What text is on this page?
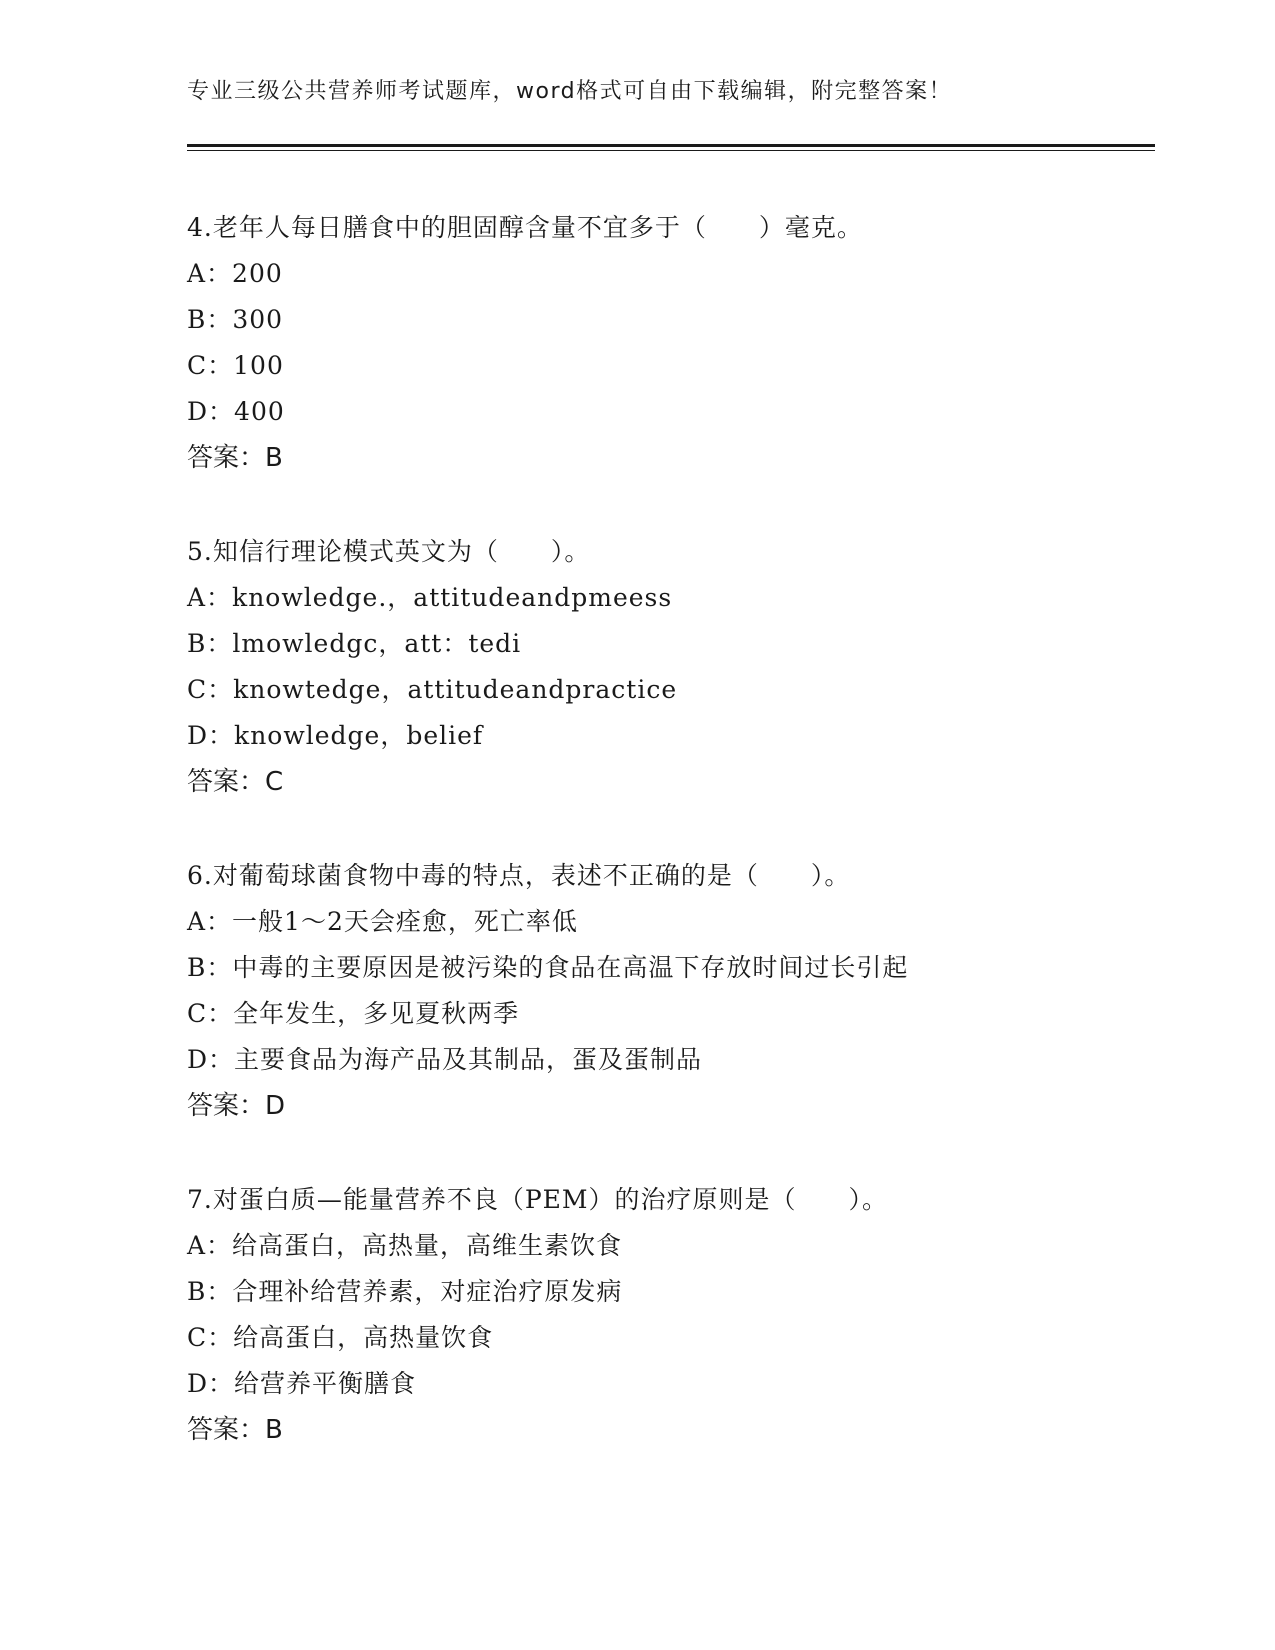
专业三级公共营养师考试题库，word格式可自由下载编辑，附完整答案！
4.老年人每日膳食中的胆固醇含量不宜多于（　　）毫克。
A：200
B：300
C：100
D：400
答案：B
5.知信行理论模式英文为（　　）。
A：knowledge.，attitudeandpmeess
B：lmowledgc，att：tedi
C：knowtedge，attitudeandpractice
D：knowledge，belief
答案：C
6.对葡萄球菌食物中毒的特点，表述不正确的是（　　）。
A：一般1～2天会痊愈，死亡率低
B：中毒的主要原因是被污染的食品在高温下存放时间过长引起
C：全年发生，多见夏秋两季
D：主要食品为海产品及其制品，蛋及蛋制品
答案：D
7.对蛋白质—能量营养不良（PEM）的治疗原则是（　　）。
A：给高蛋白，高热量，高维生素饮食
B：合理补给营养素，对症治疗原发病
C：给高蛋白，高热量饮食
D：给营养平衡膳食
答案：B
